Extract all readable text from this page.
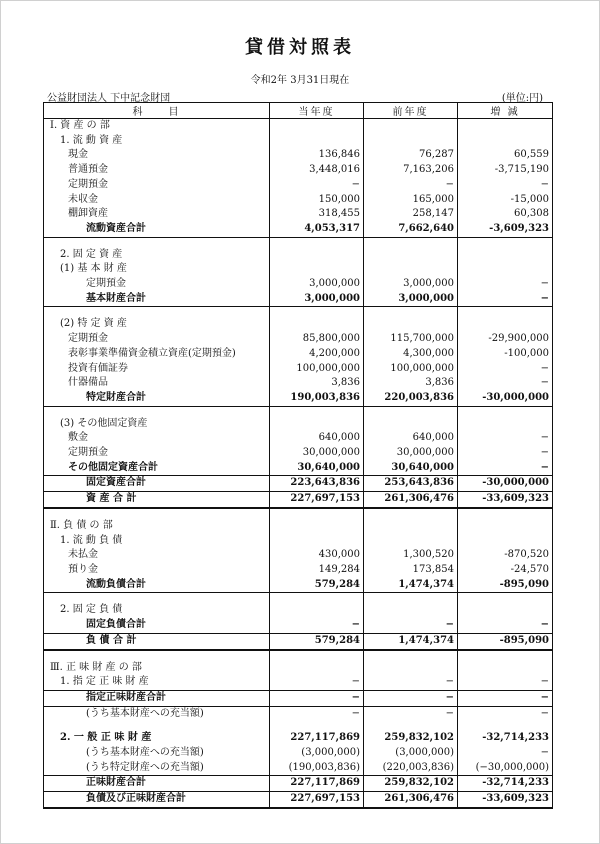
貸借対照表
令和2年 3月31日現在
公益財団法人 下中記念財団	(単位:円)
科　　目	当年度	前年度	増 減
Ⅰ. 資 産 の 部			
1. 流 動 資 産			
現金	136,846	76,287	60,559
普通預金	3,448,016	7,163,206	-3,715,190
定期預金	−	−	−
未収金	150,000	165,000	-15,000
棚卸資産	318,455	258,147	60,308
流動資産合計	4,053,317	7,662,640	-3,609,323

2. 固 定 資 産			
(1) 基 本 財 産			
定期預金	3,000,000	3,000,000	−
基本財産合計	3,000,000	3,000,000	−

(2) 特 定 資 産			
定期預金	85,800,000	115,700,000	-29,900,000
表彰事業準備資金積立資産(定期預金)	4,200,000	4,300,000	-100,000
投資有価証券	100,000,000	100,000,000	−
什器備品	3,836	3,836	−
特定財産合計	190,003,836	220,003,836	-30,000,000

(3) その他固定資産			
敷金	640,000	640,000	−
定期預金	30,000,000	30,000,000	−
その他固定資産合計	30,640,000	30,640,000	−
固定資産合計	223,643,836	253,643,836	-30,000,000
資 産 合 計	227,697,153	261,306,476	-33,609,323

Ⅱ. 負 債 の 部			
1. 流 動 負 債			
未払金	430,000	1,300,520	-870,520
預り金	149,284	173,854	-24,570
流動負債合計	579,284	1,474,374	-895,090

2. 固 定 負 債			
固定負債合計	−	−	−
負 債 合 計	579,284	1,474,374	-895,090

Ⅲ. 正 味 財 産 の 部			
1. 指 定 正 味 財 産	−	−	−
指定正味財産合計	−	−	−
(うち基本財産への充当額)	−	−	−

2. 一 般 正 味 財 産	227,117,869	259,832,102	-32,714,233
(うち基本財産への充当額)	(3,000,000)	(3,000,000)	−
(うち特定財産への充当額)	(190,003,836)	(220,003,836)	(−30,000,000)
正味財産合計	227,117,869	259,832,102	-32,714,233
負債及び正味財産合計	227,697,153	261,306,476	-33,609,323
